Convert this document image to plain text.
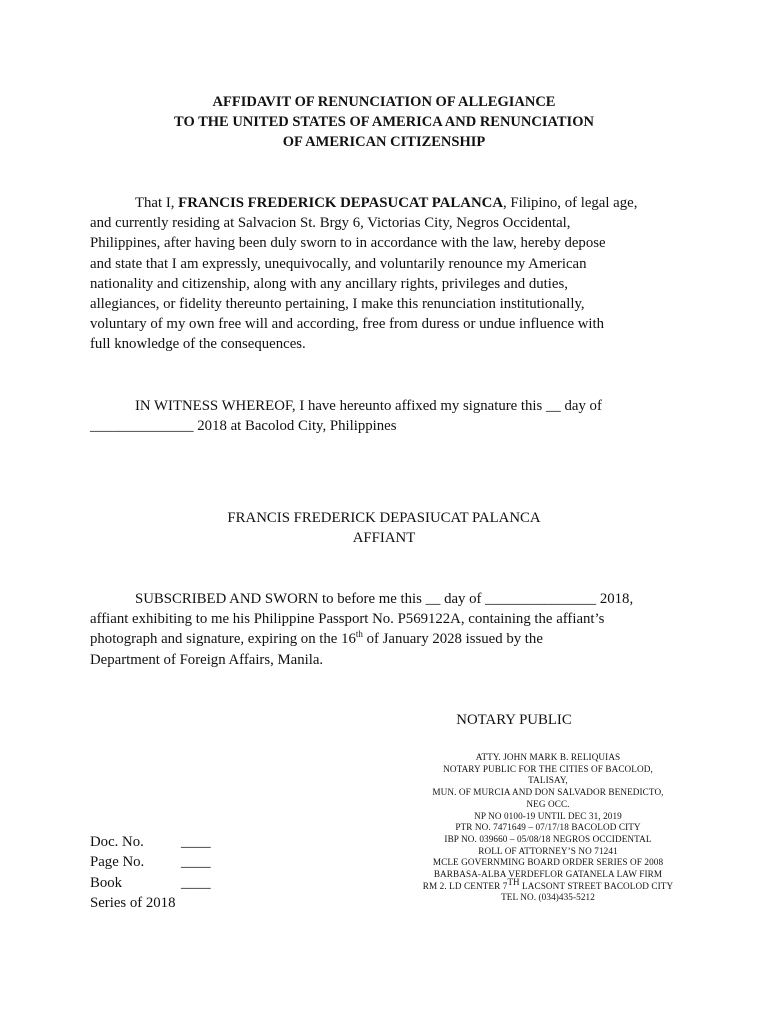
AFFIDAVIT OF RENUNCIATION OF ALLEGIANCE
TO THE UNITED STATES OF AMERICA AND RENUNCIATION
OF AMERICAN CITIZENSHIP
That I, FRANCIS FREDERICK DEPASUCAT PALANCA, Filipino, of legal age,
and currently residing at Salvacion St. Brgy 6, Victorias City, Negros Occidental,
Philippines, after having been duly sworn to in accordance with the law, hereby depose
and state that I am expressly, unequivocally, and voluntarily renounce my American
nationality and citizenship, along with any ancillary rights, privileges and duties,
allegiances, or fidelity thereunto pertaining, I make this renunciation institutionally,
voluntary of my own free will and according, free from duress or undue influence with
full knowledge of the consequences.
IN WITNESS WHEREOF, I have hereunto affixed my signature this __ day of
______________ 2018 at Bacolod City, Philippines
FRANCIS FREDERICK DEPASIUCAT PALANCA
AFFIANT
SUBSCRIBED AND SWORN to before me this __ day of _______________ 2018,
affiant exhibiting to me his Philippine Passport No. P569122A, containing the affiant’s
photograph and signature, expiring on the 16th of January 2028 issued by the
Department of Foreign Affairs, Manila.
NOTARY PUBLIC
ATTY. JOHN MARK B. RELIQUIAS
NOTARY PUBLIC FOR THE CITIES OF BACOLOD,
TALISAY,
MUN. OF MURCIA AND DON SALVADOR BENEDICTO,
NEG OCC.
NP NO 0100-19 UNTIL DEC 31, 2019
PTR NO. 7471649 – 07/17/18 BACOLOD CITY
IBP NO. 039660 – 05/08/18 NEGROS OCCIDENTAL
ROLL OF ATTORNEY’S NO 71241
MCLE GOVERNMING BOARD ORDER SERIES OF 2008
BARBASA-ALBA VERDEFLOR GATANELA LAW FIRM
RM 2. LD CENTER 7TH LACSONT STREET BACOLOD CITY
TEL NO. (034)435-5212
Doc. No.	____
Page No. ____
Book	____
Series of 2018
